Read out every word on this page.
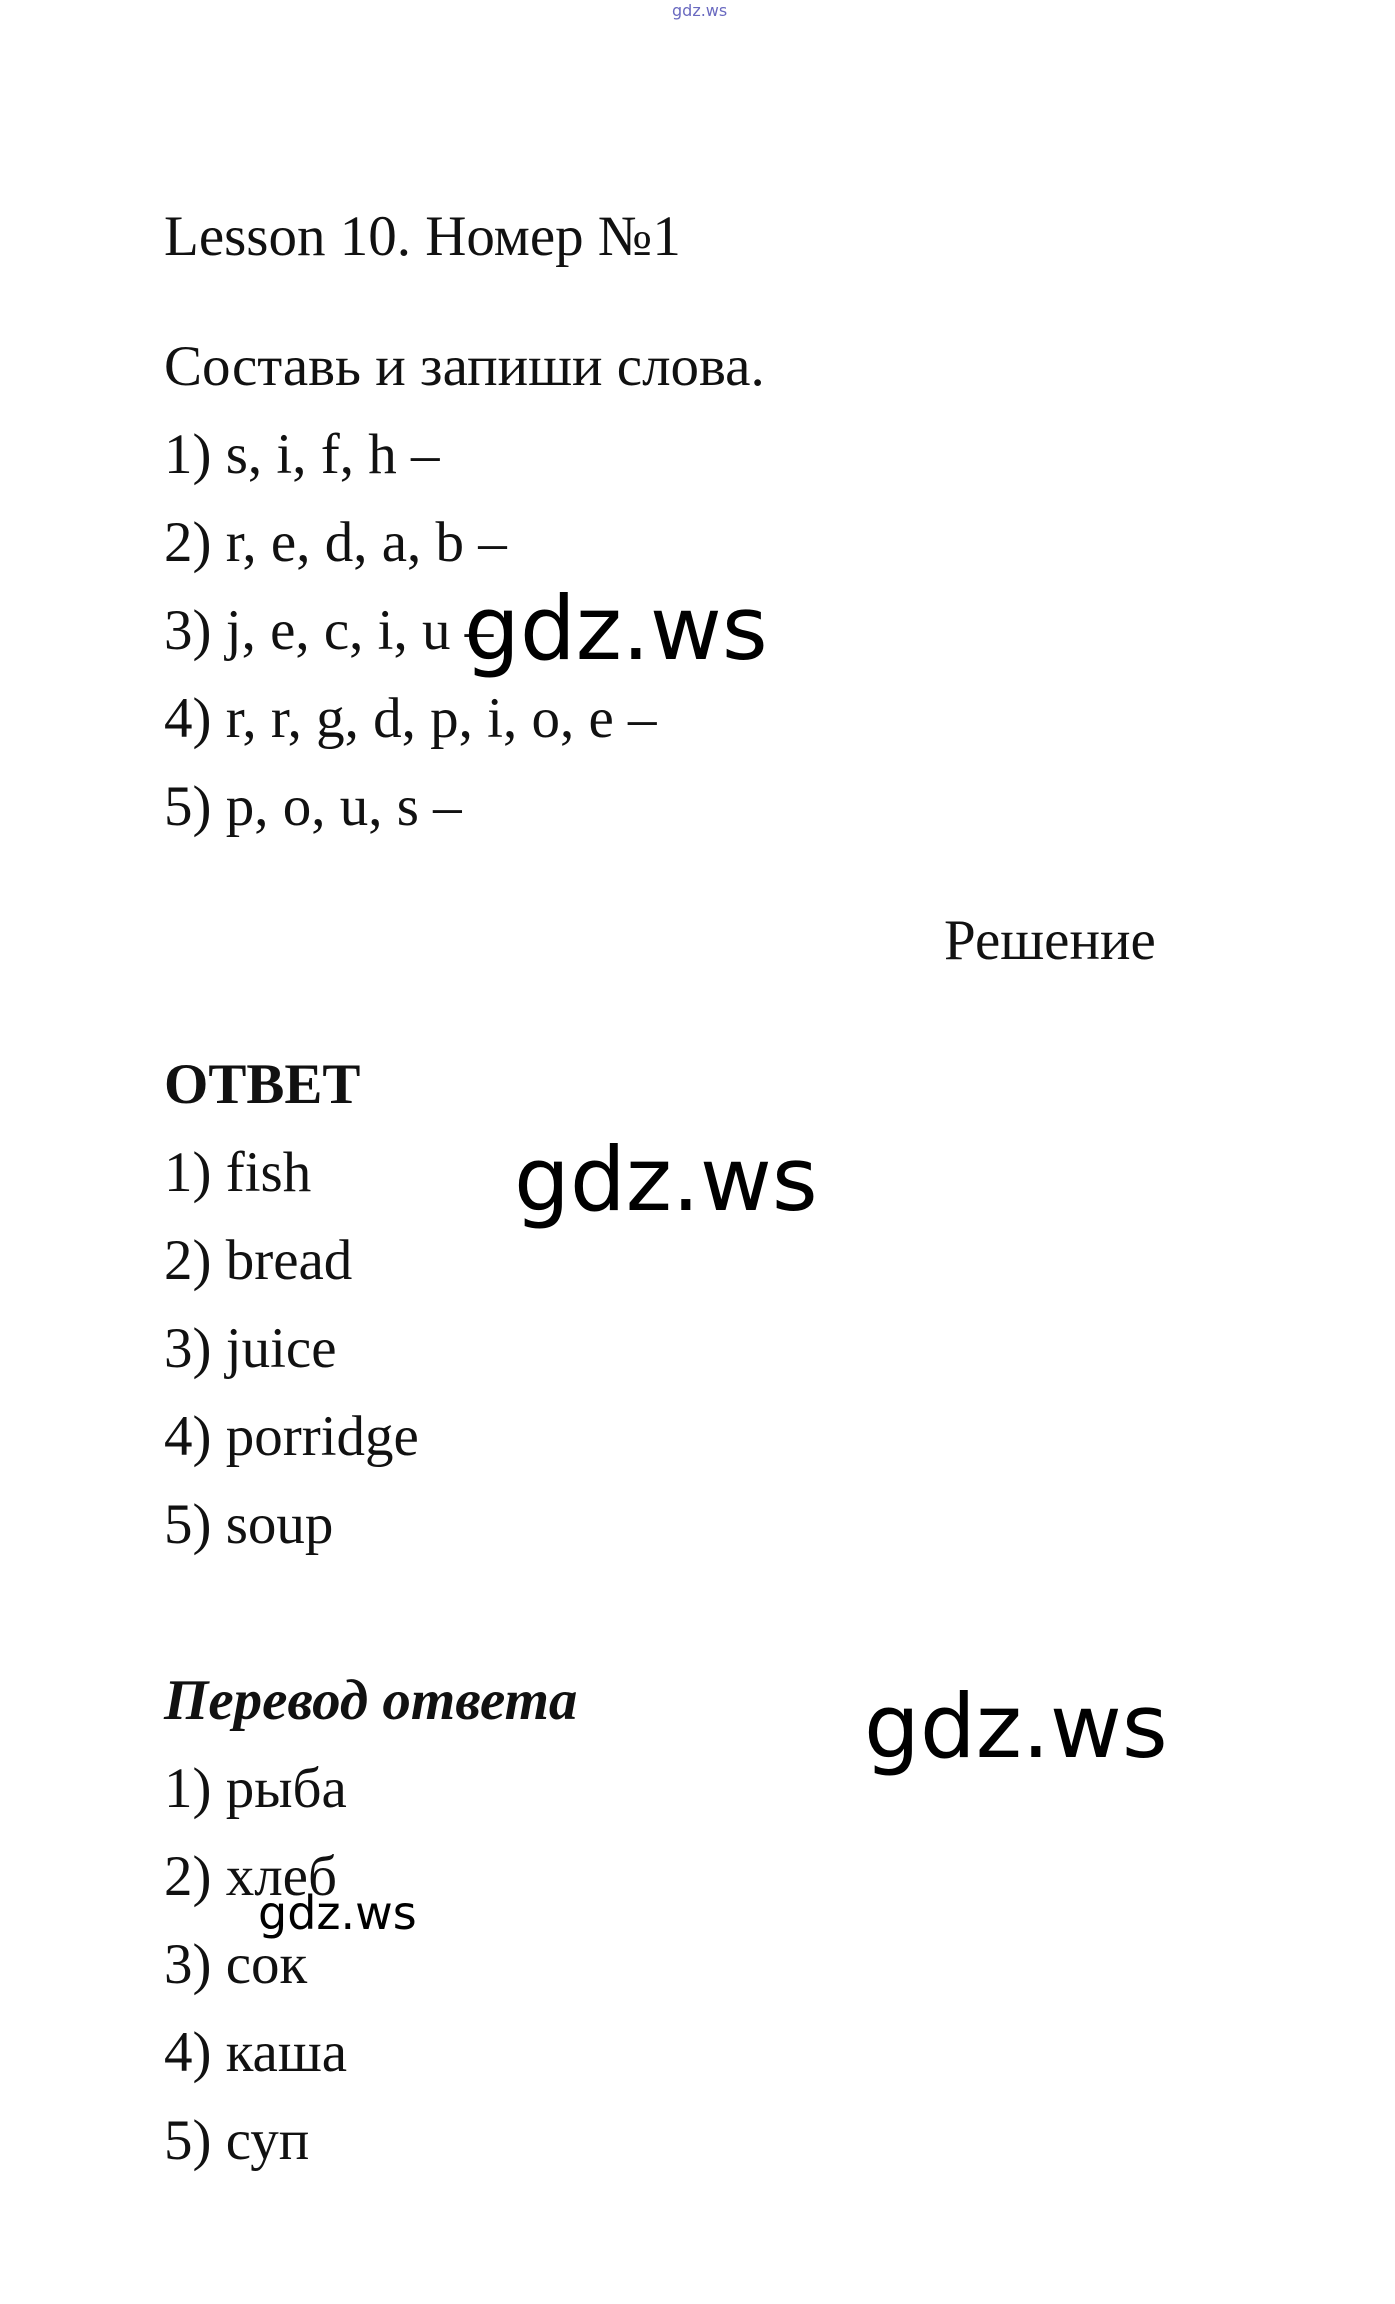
gdz.ws
Lesson 10. Номер №1
Составь и запиши слова.
1) s, i, f, h –
2) r, e, d, a, b –
3) j, e, c, i, u –
4) r, r, g, d, p, i, o, e –
5) p, o, u, s –
Решение
ОТВЕТ
1) fish
2) bread
3) juice
4) porridge
5) soup
Перевод ответа
1) рыба
2) хлеб
3) сок
4) каша
5) суп
gdz.ws
gdz.ws
gdz.ws
gdz.ws
